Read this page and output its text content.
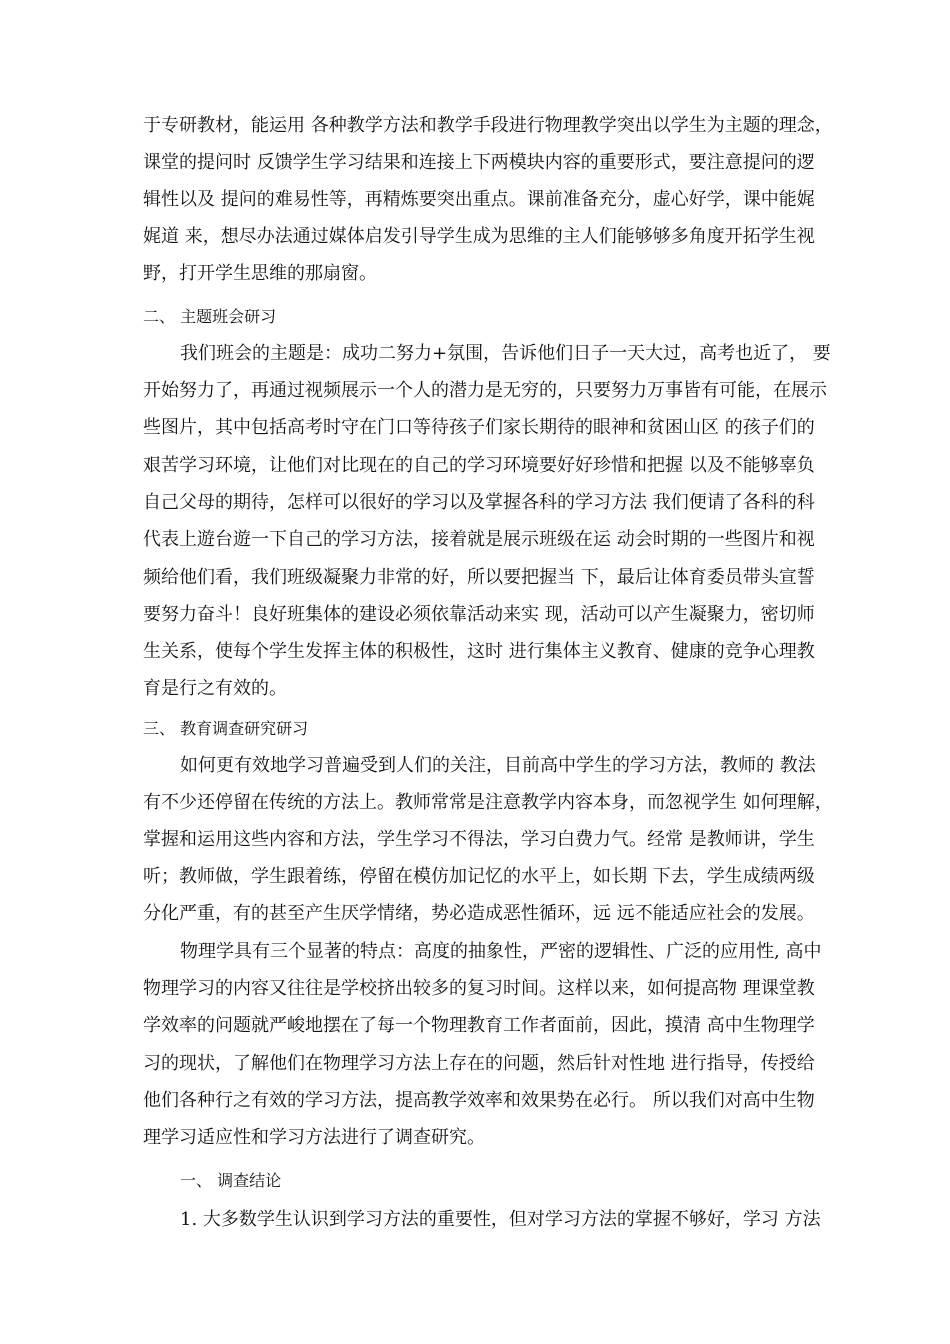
于专研教材，能运用 各种教学方法和教学手段进行物理教学突出以学生为主题的理念，
课堂的提问时 反馈学生学习结果和连接上下两模块内容的重要形式，要注意提问的逻
辑性以及 提问的难易性等，再精炼要突出重点。课前准备充分，虚心好学，课中能娓
娓道 来，想尽办法通过媒体启发引导学生成为思维的主人们能够够多角度开拓学生视
野，打开学生思维的那扇窗。
二、 主题班会研习
我们班会的主题是：成功二努力+氛围，告诉他们日子一天大过，高考也近了， 要
开始努力了，再通过视频展示一个人的潜力是无穷的，只要努力万事皆有可能，在展示
些图片，其中包括高考时守在门口等待孩子们家长期待的眼神和贫困山区 的孩子们的
艰苦学习环境，让他们对比现在的自己的学习环境要好好珍惜和把握 以及不能够辜负
自己父母的期待，怎样可以很好的学习以及掌握各科的学习方法 我们便请了各科的科
代表上遊台遊一下自己的学习方法，接着就是展示班级在运 动会时期的一些图片和视
频给他们看，我们班级凝聚力非常的好，所以要把握当 下，最后让体育委员带头宣誓
要努力奋斗！良好班集体的建设必须依靠活动来实 现，活动可以产生凝聚力，密切师
生关系，使每个学生发挥主体的积极性，这时 进行集体主义教育、健康的竞争心理教
育是行之有效的。
三、 教育调查研究研习
如何更有效地学习普遍受到人们的关注，目前高中学生的学习方法，教师的 教法
有不少还停留在传统的方法上。教师常常是注意教学内容本身，而忽视学生 如何理解，
掌握和运用这些内容和方法，学生学习不得法，学习白费力气。经常 是教师讲，学生
听；教师做，学生跟着练，停留在模仿加记忆的水平上，如长期 下去，学生成绩两级
分化严重，有的甚至产生厌学情绪，势必造成恶性循环，远 远不能适应社会的发展。
物理学具有三个显著的特点：高度的抽象性，严密的逻辑性、广泛的应用性, 高中
物理学习的内容又往往是学校挤出较多的复习时间。这样以来，如何提高物 理课堂教
学效率的问题就严峻地摆在了每一个物理教育工作者面前，因此，摸清 高中生物理学
习的现状，了解他们在物理学习方法上存在的问题，然后针对性地 进行指导，传授给
他们各种行之有效的学习方法，提高教学效率和效果势在必行。 所以我们对高中生物
理学习适应性和学习方法进行了调查研究。
一、 调查结论
1. 大多数学生认识到学习方法的重要性，但对学习方法的掌握不够好，学习 方法
